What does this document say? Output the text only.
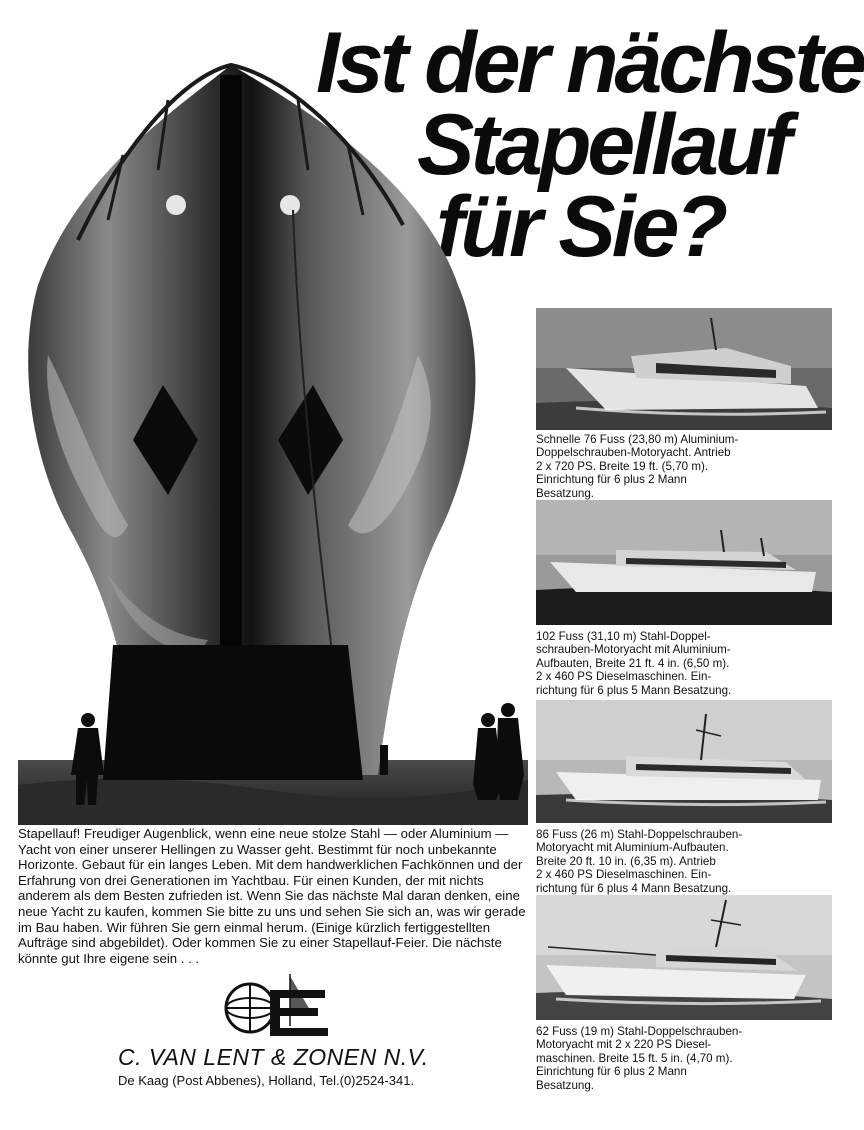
Ist der nächste
Stapellauf
für Sie?

Stapellauf! Freudiger Augenblick, wenn eine neue stolze Stahl — oder Aluminium — Yacht von einer unserer Hellingen zu Wasser geht. Bestimmt für noch unbekannte Horizonte. Gebaut für ein langes Leben. Mit dem handwerklichen Fachkönnen und der Erfahrung von drei Generationen im Yachtbau. Für einen Kunden, der mit nichts anderem als dem Besten zufrieden ist. Wenn Sie das nächste Mal daran denken, eine neue Yacht zu kaufen, kommen Sie bitte zu uns und sehen Sie sich an, was wir gerade im Bau haben. Wir führen Sie gern einmal herum. (Einige kürzlich fertiggestellten Aufträge sind abgebildet). Oder kommen Sie zu einer Stapellauf-Feier. Die nächste könnte gut Ihre eigene sein . . .

C. VAN LENT & ZONEN N.V.
De Kaag (Post Abbenes), Holland, Tel.(0)2524-341.
Schnelle 76 Fuss (23,80 m) Aluminium-
Doppelschrauben-Motoryacht. Antrieb
2 x 720 PS. Breite 19 ft. (5,70 m).
Einrichtung für 6 plus 2 Mann
Besatzung.
102 Fuss (31,10 m) Stahl-Doppel-
schrauben-Motoryacht mit Aluminium-
Aufbauten, Breite 21 ft. 4 in. (6,50 m).
2 x 460 PS Dieselmaschinen. Ein-
richtung für 6 plus 5 Mann Besatzung.
86 Fuss (26 m) Stahl-Doppelschrauben-
Motoryacht mit Aluminium-Aufbauten.
Breite 20 ft. 10 in. (6,35 m). Antrieb
2 x 460 PS Dieselmaschinen. Ein-
richtung für 6 plus 4 Mann Besatzung.
62 Fuss (19 m) Stahl-Doppelschrauben-
Motoryacht mit 2 x 220 PS Diesel-
maschinen. Breite 15 ft. 5 in. (4,70 m).
Einrichtung für 6 plus 2 Mann
Besatzung.
